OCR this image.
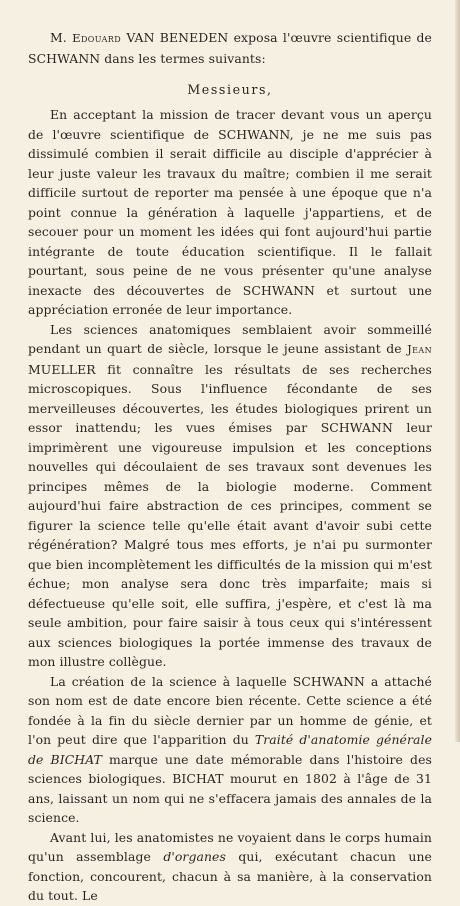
M. Edouard VAN BENEDEN exposa l'œuvre scientifique de SCHWANN dans les termes suivants:

Messieurs,

En acceptant la mission de tracer devant vous un aperçu de l'œuvre scientifique de SCHWANN, je ne me suis pas dissimulé combien il serait difficile au disciple d'apprécier à leur juste valeur les travaux du maître; combien il me serait difficile surtout de reporter ma pensée à une époque que n'a point connue la génération à laquelle j'appartiens, et de secouer pour un moment les idées qui font aujourd'hui partie intégrante de toute éducation scientifique. Il le fallait pourtant, sous peine de ne vous présenter qu'une analyse inexacte des découvertes de SCHWANN et surtout une appréciation erronée de leur importance.

Les sciences anatomiques semblaient avoir sommeillé pendant un quart de siècle, lorsque le jeune assistant de Jean MUELLER fit connaître les résultats de ses recherches microscopiques. Sous l'influence fécondante de ses merveilleuses découvertes, les études biologiques prirent un essor inattendu; les vues émises par SCHWANN leur imprimèrent une vigoureuse impulsion et les conceptions nouvelles qui découlaient de ses travaux sont devenues les principes mêmes de la biologie moderne. Comment aujourd'hui faire abstraction de ces principes, comment se figurer la science telle qu'elle était avant d'avoir subi cette régénération? Malgré tous mes efforts, je n'ai pu surmonter que bien incomplètement les difficultés de la mission qui m'est échue; mon analyse sera donc très imparfaite; mais si défectueuse qu'elle soit, elle suffira, j'espère, et c'est là ma seule ambition, pour faire saisir à tous ceux qui s'intéressent aux sciences biologiques la portée immense des travaux de mon illustre collègue.

La création de la science à laquelle SCHWANN a attaché son nom est de date encore bien récente. Cette science a été fondée à la fin du siècle dernier par un homme de génie, et l'on peut dire que l'apparition du Traité d'anatomie générale de BICHAT marque une date mémorable dans l'histoire des sciences biologiques. BICHAT mourut en 1802 à l'âge de 31 ans, laissant un nom qui ne s'effacera jamais des annales de la science.

Avant lui, les anatomistes ne voyaient dans le corps humain qu'un assemblage d'organes qui, exécutant chacun une fonction, concourent, chacun à sa manière, à la conservation du tout. Le
